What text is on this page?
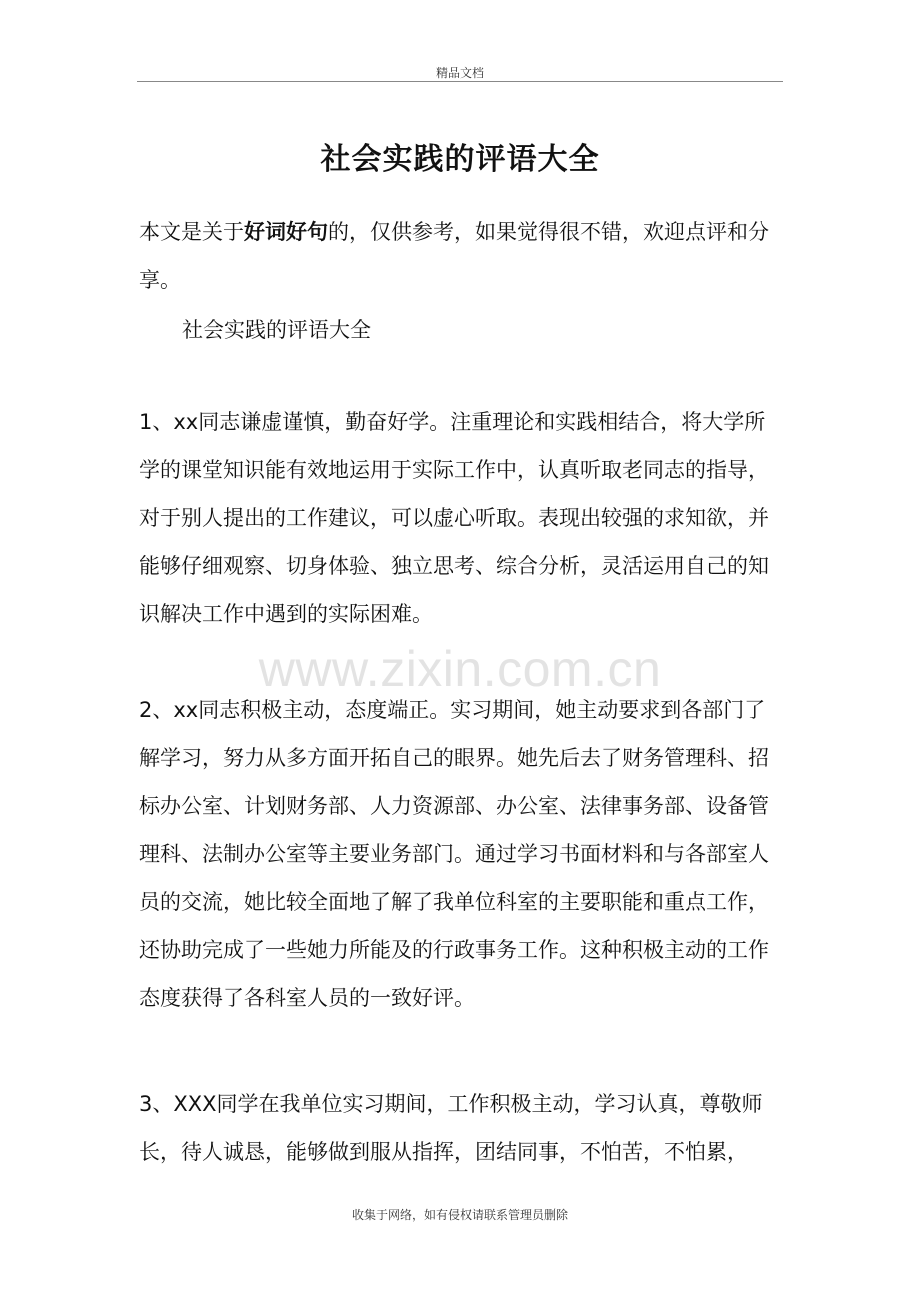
精品文档
社会实践的评语大全

本文是关于好词好句的，仅供参考，如果觉得很不错，欢迎点评和分享。

社会实践的评语大全

1、xx同志谦虚谨慎，勤奋好学。注重理论和实践相结合，将大学所学的课堂知识能有效地运用于实际工作中，认真听取老同志的指导，对于别人提出的工作建议，可以虚心听取。表现出较强的求知欲，并能够仔细观察、切身体验、独立思考、综合分析，灵活运用自己的知识解决工作中遇到的实际困难。

www.zixin.com.cn

2、xx同志积极主动，态度端正。实习期间，她主动要求到各部门了解学习，努力从多方面开拓自己的眼界。她先后去了财务管理科、招标办公室、计划财务部、人力资源部、办公室、法律事务部、设备管理科、法制办公室等主要业务部门。通过学习书面材料和与各部室人员的交流，她比较全面地了解了我单位科室的主要职能和重点工作，还协助完成了一些她力所能及的行政事务工作。这种积极主动的工作态度获得了各科室人员的一致好评。

3、XXX同学在我单位实习期间，工作积极主动，学习认真，尊敬师长，待人诚恳，能够做到服从指挥，团结同事，不怕苦，不怕累，

收集于网络，如有侵权请联系管理员删除
